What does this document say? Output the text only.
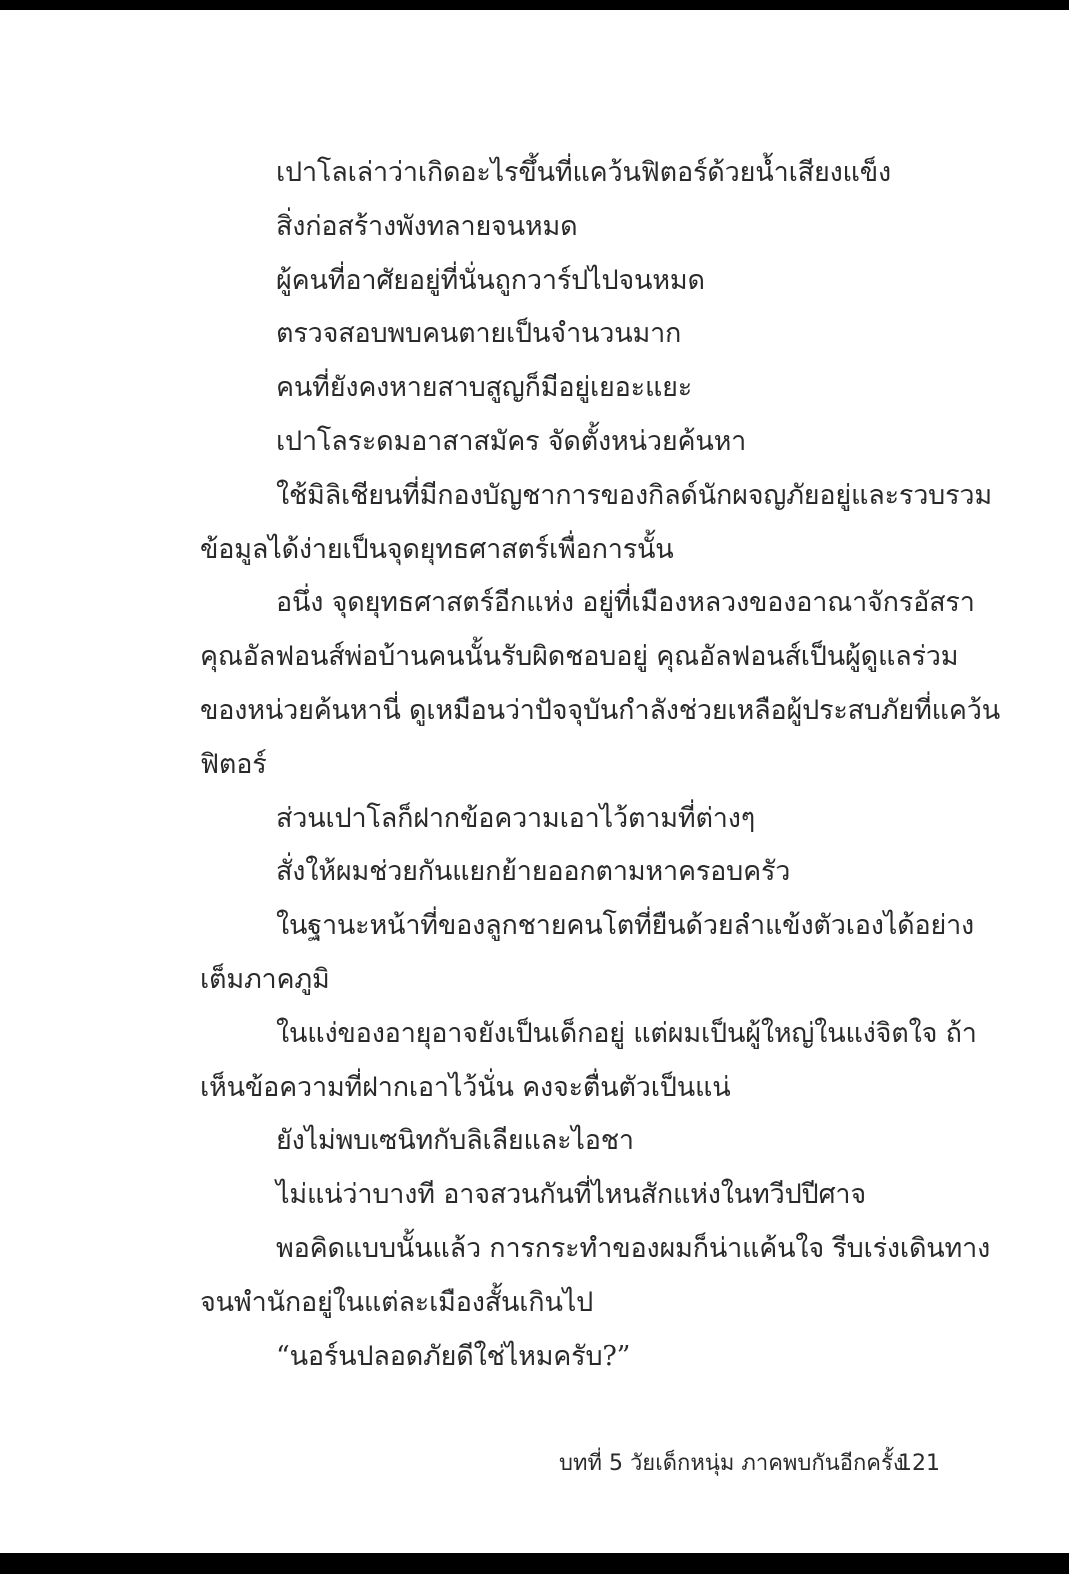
เปาโลเล่าว่าเกิดอะไรขึ้นที่แคว้นฟิตอร์ด้วยน้ำเสียงแข็ง
สิ่งก่อสร้างพังทลายจนหมด
ผู้คนที่อาศัยอยู่ที่นั่นถูกวาร์ปไปจนหมด
ตรวจสอบพบคนตายเป็นจำนวนมาก
คนที่ยังคงหายสาบสูญก็มีอยู่เยอะแยะ
เปาโลระดมอาสาสมัคร จัดตั้งหน่วยค้นหา
ใช้มิลิเชียนที่มีกองบัญชาการของกิลด์นักผจญภัยอยู่และรวบรวม
ข้อมูลได้ง่ายเป็นจุดยุทธศาสตร์เพื่อการนั้น
อนึ่ง จุดยุทธศาสตร์อีกแห่ง อยู่ที่เมืองหลวงของอาณาจักรอัสรา
คุณอัลฟอนส์พ่อบ้านคนนั้นรับผิดชอบอยู่ คุณอัลฟอนส์เป็นผู้ดูแลร่วม
ของหน่วยค้นหานี่ ดูเหมือนว่าปัจจุบันกำลังช่วยเหลือผู้ประสบภัยที่แคว้น
ฟิตอร์
ส่วนเปาโลก็ฝากข้อความเอาไว้ตามที่ต่างๆ
สั่งให้ผมช่วยกันแยกย้ายออกตามหาครอบครัว
ในฐานะหน้าที่ของลูกชายคนโตที่ยืนด้วยลำแข้งตัวเองได้อย่าง
เต็มภาคภูมิ
ในแง่ของอายุอาจยังเป็นเด็กอยู่ แต่ผมเป็นผู้ใหญ่ในแง่จิตใจ ถ้า
เห็นข้อความที่ฝากเอาไว้นั่น คงจะตื่นตัวเป็นแน่
ยังไม่พบเซนิทกับลิเลียและไอชา
ไม่แน่ว่าบางที อาจสวนกันที่ไหนสักแห่งในทวีปปีศาจ
พอคิดแบบนั้นแล้ว การกระทำของผมก็น่าแค้นใจ รีบเร่งเดินทาง
จนพำนักอยู่ในแต่ละเมืองสั้นเกินไป
“นอร์นปลอดภัยดีใช่ไหมครับ?”
บทที่ 5 วัยเด็กหนุ่ม ภาคพบกันอีกครั้ง
121
